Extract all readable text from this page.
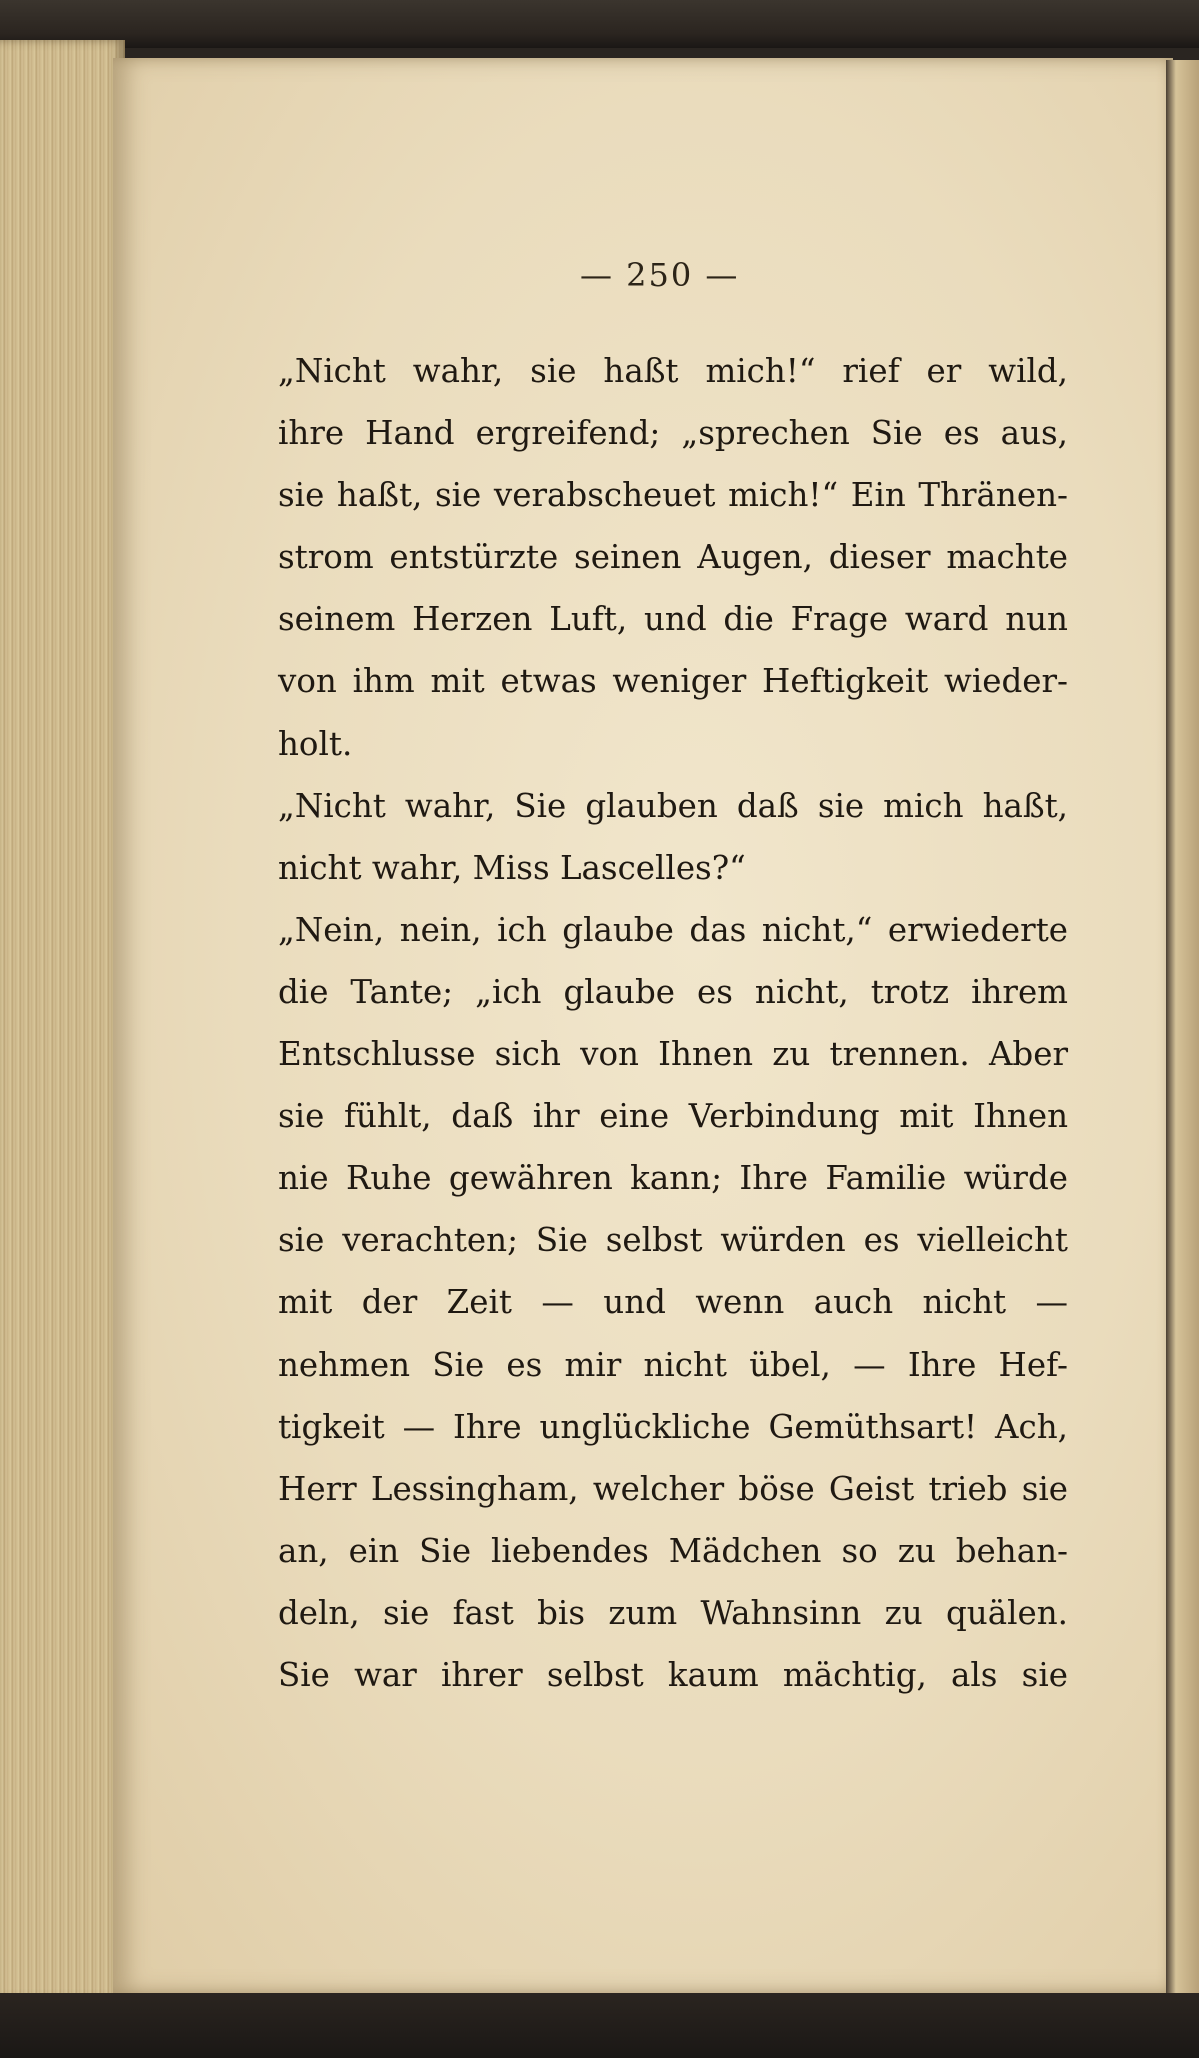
— 250 —
„Nicht wahr, sie haßt mich!“ rief er wild,
ihre Hand ergreifend; „sprechen Sie es aus,
sie haßt, sie verabscheuet mich!“ Ein Thränen-
strom entstürzte seinen Augen, dieser machte
seinem Herzen Luft, und die Frage ward nun
von ihm mit etwas weniger Heftigkeit wieder-
holt.
„Nicht wahr, Sie glauben daß sie mich haßt,
nicht wahr, Miss Lascelles?“
„Nein, nein, ich glaube das nicht,“ erwiederte
die Tante; „ich glaube es nicht, trotz ihrem
Entschlusse sich von Ihnen zu trennen. Aber
sie fühlt, daß ihr eine Verbindung mit Ihnen
nie Ruhe gewähren kann; Ihre Familie würde
sie verachten; Sie selbst würden es vielleicht
mit der Zeit — und wenn auch nicht —
nehmen Sie es mir nicht übel, — Ihre Hef-
tigkeit — Ihre unglückliche Gemüthsart! Ach,
Herr Lessingham, welcher böse Geist trieb sie
an, ein Sie liebendes Mädchen so zu behan-
deln, sie fast bis zum Wahnsinn zu quälen.
Sie war ihrer selbst kaum mächtig, als sie
